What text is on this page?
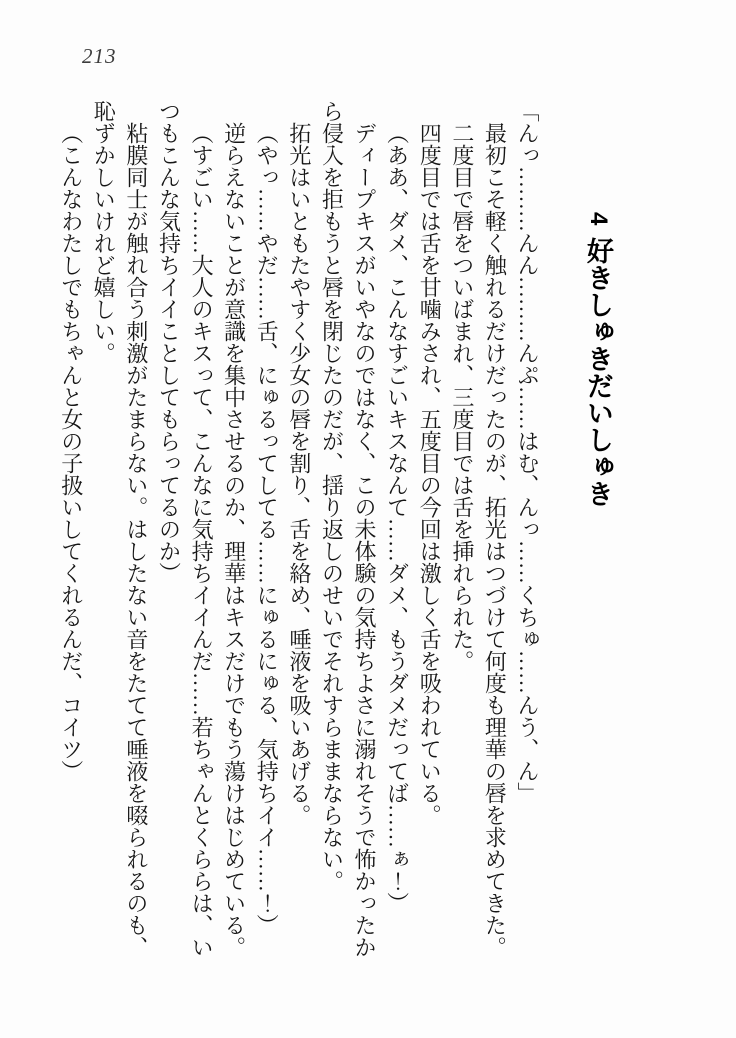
213
4好きしゅきだいしゅき

「んっ………んん………んぷ……はむ、んっ……くちゅ……んう、ん」

最初こそ軽く触れるだけだったのが、拓光はつづけて何度も理華の唇を求めてきた。

二度目で唇をついばまれ、三度目では舌を挿れられた。

四度目では舌を甘噛みされ、五度目の今回は激しく舌を吸われている。

（ああ、ダメ、こんなすごいキスなんて……ダメ、もうダメだってば……ぁ！）

ディープキスがいやなのではなく、この未体験の気持ちよさに溺れそうで怖かったから侵入を拒もうと唇を閉じたのだが、揺り返しのせいでそれすらままならない。

拓光はいともたやすく少女の唇を割り、舌を絡め、唾液を吸いあげる。

（やっ……やだ……舌、にゅるってしてる……にゅるにゅる、気持ちイイ……！）

逆らえないことが意識を集中させるのか、理華はキスだけでもう蕩けはじめている。

（すごい……大人のキスって、こんなに気持ちイイんだ……若ちゃんとくららは、いつもこんな気持ちイイことしてもらってるのか）

粘膜同士が触れ合う刺激がたまらない。はしたない音をたてて唾液を啜られるのも、恥ずかしいけれど嬉しい。

（こんなわたしでもちゃんと女の子扱いしてくれるんだ、コイツ）
